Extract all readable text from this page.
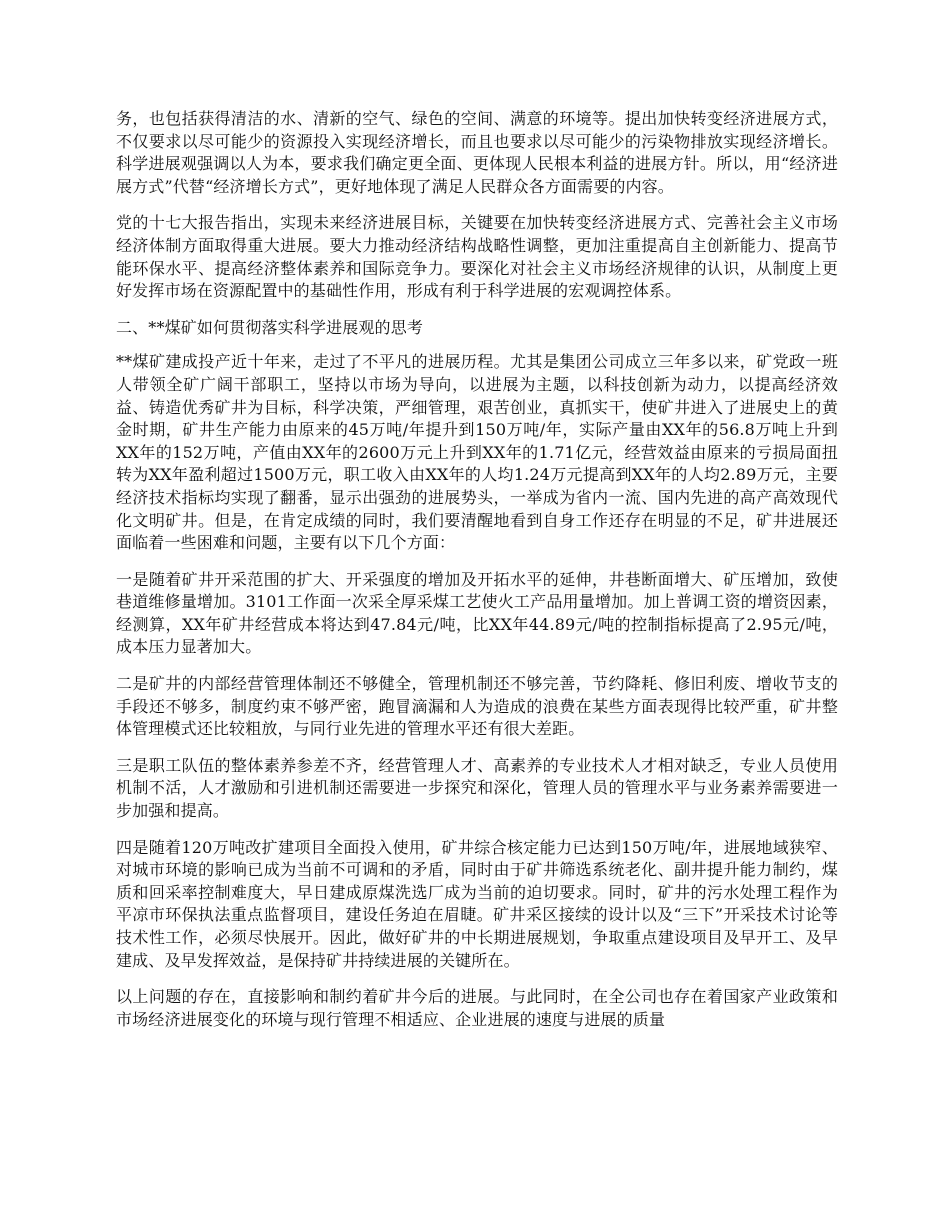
务，也包括获得清洁的水、清新的空气、绿色的空间、满意的环境等。提出加快转变经济进展方式，不仅要求以尽可能少的资源投入实现经济增长，而且也要求以尽可能少的污染物排放实现经济增长。科学进展观强调以人为本，要求我们确定更全面、更体现人民根本利益的进展方针。所以，用“经济进展方式”代替“经济增长方式”，更好地体现了满足人民群众各方面需要的内容。

党的十七大报告指出，实现未来经济进展目标，关键要在加快转变经济进展方式、完善社会主义市场经济体制方面取得重大进展。要大力推动经济结构战略性调整，更加注重提高自主创新能力、提高节能环保水平、提高经济整体素养和国际竞争力。要深化对社会主义市场经济规律的认识，从制度上更好发挥市场在资源配置中的基础性作用，形成有利于科学进展的宏观调控体系。

二、**煤矿如何贯彻落实科学进展观的思考

**煤矿建成投产近十年来，走过了不平凡的进展历程。尤其是集团公司成立三年多以来，矿党政一班人带领全矿广阔干部职工，坚持以市场为导向，以进展为主题，以科技创新为动力，以提高经济效益、铸造优秀矿井为目标，科学决策，严细管理，艰苦创业，真抓实干，使矿井进入了进展史上的黄金时期，矿井生产能力由原来的45万吨/年提升到150万吨/年，实际产量由XX年的56.8万吨上升到XX年的152万吨，产值由XX年的2600万元上升到XX年的1.71亿元，经营效益由原来的亏损局面扭转为XX年盈利超过1500万元，职工收入由XX年的人均1.24万元提高到XX年的人均2.89万元，主要经济技术指标均实现了翻番，显示出强劲的进展势头，一举成为省内一流、国内先进的高产高效现代化文明矿井。但是，在肯定成绩的同时，我们要清醒地看到自身工作还存在明显的不足，矿井进展还面临着一些困难和问题，主要有以下几个方面：

一是随着矿井开采范围的扩大、开采强度的增加及开拓水平的延伸，井巷断面增大、矿压增加，致使巷道维修量增加。3101工作面一次采全厚采煤工艺使火工产品用量增加。加上普调工资的增资因素，经测算，XX年矿井经营成本将达到47.84元/吨，比XX年44.89元/吨的控制指标提高了2.95元/吨，成本压力显著加大。

二是矿井的内部经营管理体制还不够健全，管理机制还不够完善，节约降耗、修旧利废、增收节支的手段还不够多，制度约束不够严密，跑冒滴漏和人为造成的浪费在某些方面表现得比较严重，矿井整体管理模式还比较粗放，与同行业先进的管理水平还有很大差距。

三是职工队伍的整体素养参差不齐，经营管理人才、高素养的专业技术人才相对缺乏，专业人员使用机制不活，人才激励和引进机制还需要进一步探究和深化，管理人员的管理水平与业务素养需要进一步加强和提高。

四是随着120万吨改扩建项目全面投入使用，矿井综合核定能力已达到150万吨/年，进展地域狭窄、对城市环境的影响已成为当前不可调和的矛盾，同时由于矿井筛选系统老化、副井提升能力制约，煤质和回采率控制难度大，早日建成原煤洗选厂成为当前的迫切要求。同时，矿井的污水处理工程作为平凉市环保执法重点监督项目，建设任务迫在眉睫。矿井采区接续的设计以及“三下”开采技术讨论等技术性工作，必须尽快展开。因此，做好矿井的中长期进展规划，争取重点建设项目及早开工、及早建成、及早发挥效益，是保持矿井持续进展的关键所在。

以上问题的存在，直接影响和制约着矿井今后的进展。与此同时，在全公司也存在着国家产业政策和市场经济进展变化的环境与现行管理不相适应、企业进展的速度与进展的质量
